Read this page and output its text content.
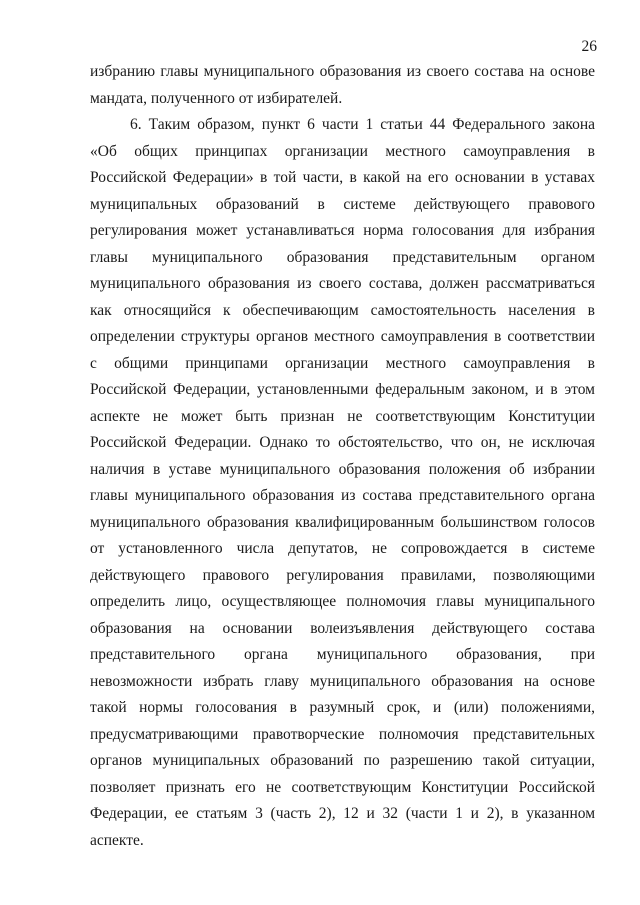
26
избранию главы муниципального образования из своего состава на основе
мандата, полученного от избирателей.
6. Таким образом, пункт 6 части 1 статьи 44 Федерального закона
«Об общих принципах организации местного самоуправления в
Российской Федерации» в той части, в какой на его основании в уставах
муниципальных образований в системе действующего правового
регулирования может устанавливаться норма голосования для избрания
главы муниципального образования представительным органом
муниципального образования из своего состава, должен рассматриваться
как относящийся к обеспечивающим самостоятельность населения в
определении структуры органов местного самоуправления в соответствии
с общими принципами организации местного самоуправления в
Российской Федерации, установленными федеральным законом, и в этом
аспекте не может быть признан не соответствующим Конституции
Российской Федерации. Однако то обстоятельство, что он, не исключая
наличия в уставе муниципального образования положения об избрании
главы муниципального образования из состава представительного органа
муниципального образования квалифицированным большинством голосов
от установленного числа депутатов, не сопровождается в системе
действующего правового регулирования правилами, позволяющими
определить лицо, осуществляющее полномочия главы муниципального
образования на основании волеизъявления действующего состава
представительного органа муниципального образования, при
невозможности избрать главу муниципального образования на основе
такой нормы голосования в разумный срок, и (или) положениями,
предусматривающими правотворческие полномочия представительных
органов муниципальных образований по разрешению такой ситуации,
позволяет признать его не соответствующим Конституции Российской
Федерации, ее статьям 3 (часть 2), 12 и 32 (части 1 и 2), в указанном
аспекте.
